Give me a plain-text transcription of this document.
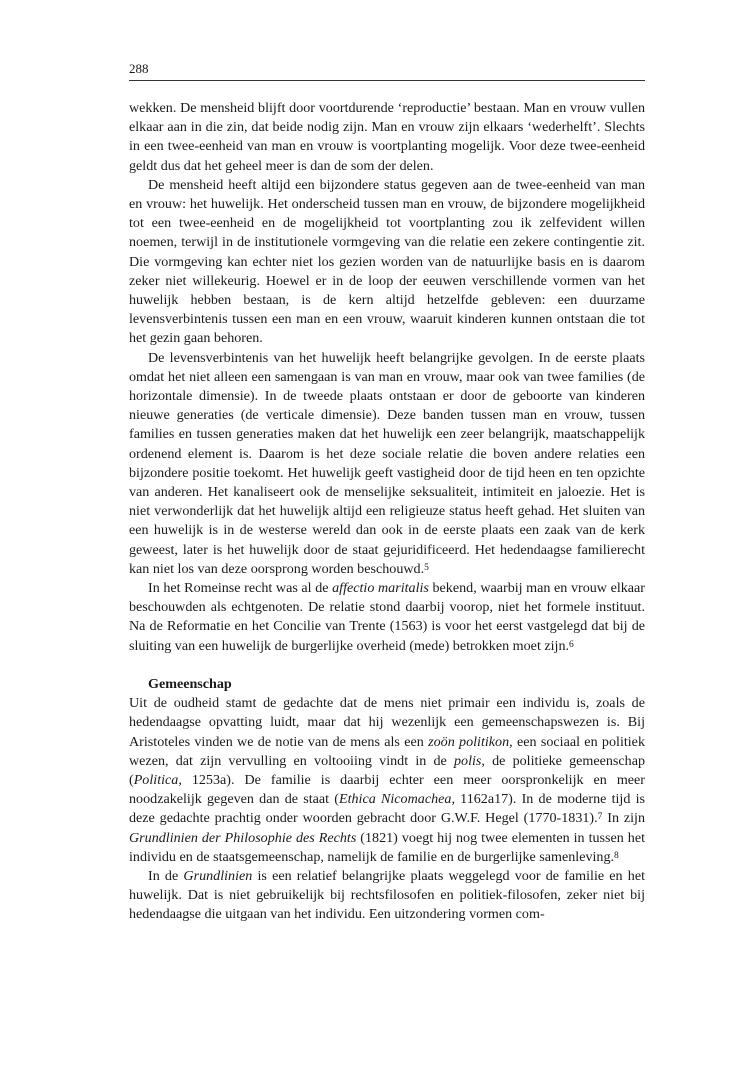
288

wekken. De mensheid blijft door voortdurende ‘reproductie’ bestaan. Man en vrouw vullen elkaar aan in die zin, dat beide nodig zijn. Man en vrouw zijn elkaars ‘wederhelft’. Slechts in een twee-eenheid van man en vrouw is voortplanting mogelijk. Voor deze twee-eenheid geldt dus dat het geheel meer is dan de som der delen.

De mensheid heeft altijd een bijzondere status gegeven aan de twee-eenheid van man en vrouw: het huwelijk. Het onderscheid tussen man en vrouw, de bijzondere mogelijkheid tot een twee-eenheid en de mogelijkheid tot voortplanting zou ik zelfevident willen noemen, terwijl in de institutionele vormgeving van die relatie een zekere contingentie zit. Die vormgeving kan echter niet los gezien worden van de natuurlijke basis en is daarom zeker niet willekeurig. Hoewel er in de loop der eeuwen verschillende vormen van het huwelijk hebben bestaan, is de kern altijd hetzelfde gebleven: een duurzame levensverbintenis tussen een man en een vrouw, waaruit kinderen kunnen ontstaan die tot het gezin gaan behoren.

De levensverbintenis van het huwelijk heeft belangrijke gevolgen. In de eerste plaats omdat het niet alleen een samengaan is van man en vrouw, maar ook van twee families (de horizontale dimensie). In de tweede plaats ontstaan er door de geboorte van kinderen nieuwe generaties (de verticale dimensie). Deze banden tussen man en vrouw, tussen families en tussen generaties maken dat het huwelijk een zeer belangrijk, maatschappelijk ordenend element is. Daarom is het deze sociale relatie die boven andere relaties een bijzondere positie toekomt. Het huwelijk geeft vastigheid door de tijd heen en ten opzichte van anderen. Het kanaliseert ook de menselijke seksualiteit, intimiteit en jaloezie. Het is niet verwonderlijk dat het huwelijk altijd een religieuze status heeft gehad. Het sluiten van een huwelijk is in de westerse wereld dan ook in de eerste plaats een zaak van de kerk geweest, later is het huwelijk door de staat gejuridificeerd. Het hedendaagse familierecht kan niet los van deze oorsprong worden beschouwd.$^5$

In het Romeinse recht was al de affectio maritalis bekend, waarbij man en vrouw elkaar beschouwden als echtgenoten. De relatie stond daarbij voorop, niet het formele instituut. Na de Reformatie en het Concilie van Trente (1563) is voor het eerst vastgelegd dat bij de sluiting van een huwelijk de burgerlijke overheid (mede) betrokken moet zijn.$^6$

Gemeenschap

Uit de oudheid stamt de gedachte dat de mens niet primair een individu is, zoals de hedendaagse opvatting luidt, maar dat hij wezenlijk een gemeenschapswezen is. Bij Aristoteles vinden we de notie van de mens als een zoön politikon, een sociaal en politiek wezen, dat zijn vervulling en voltooiing vindt in de polis, de politieke gemeenschap (Politica, 1253a). De familie is daarbij echter een meer oorspronkelijk en meer noodzakelijk gegeven dan de staat (Ethica Nicomachea, 1162a17). In de moderne tijd is deze gedachte prachtig onder woorden gebracht door G.W.F. Hegel (1770-1831).$^7$ In zijn Grundlinien der Philosophie des Rechts (1821) voegt hij nog twee elementen in tussen het individu en de staatsgemeenschap, namelijk de familie en de burgerlijke samenleving.$^8$

In de Grundlinien is een relatief belangrijke plaats weggelegd voor de familie en het huwelijk. Dat is niet gebruikelijk bij rechtsfilosofen en politiek-filosofen, zeker niet bij hedendaagse die uitgaan van het individu. Een uitzondering vormen com-
